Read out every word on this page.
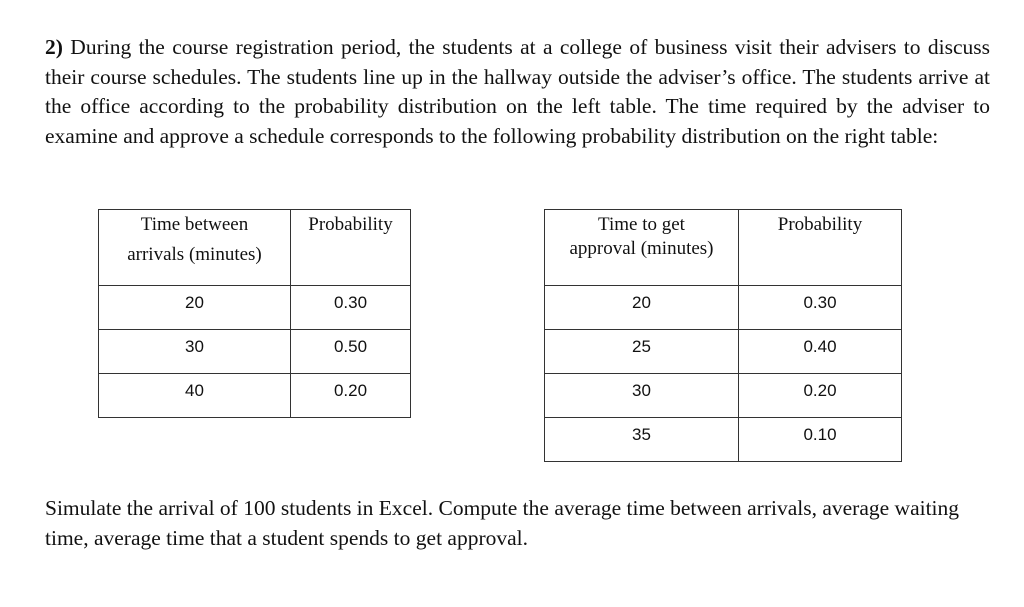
2) During the course registration period, the students at a college of business visit their advisers to discuss their course schedules. The students line up in the hallway outside the adviser’s office. The students arrive at the office according to the probability distribution on the left table. The time required by the adviser to examine and approve a schedule corresponds to the following probability distribution on the right table:
Time between
arrivals (minutes)	Probability

20	0.30

30	0.50

40	0.20
Time to get
approval (minutes)	Probability

20	0.30

25	0.40

30	0.20

35	0.10
Simulate the arrival of 100 students in Excel. Compute the average time between arrivals, average waiting time, average time that a student spends to get approval.
